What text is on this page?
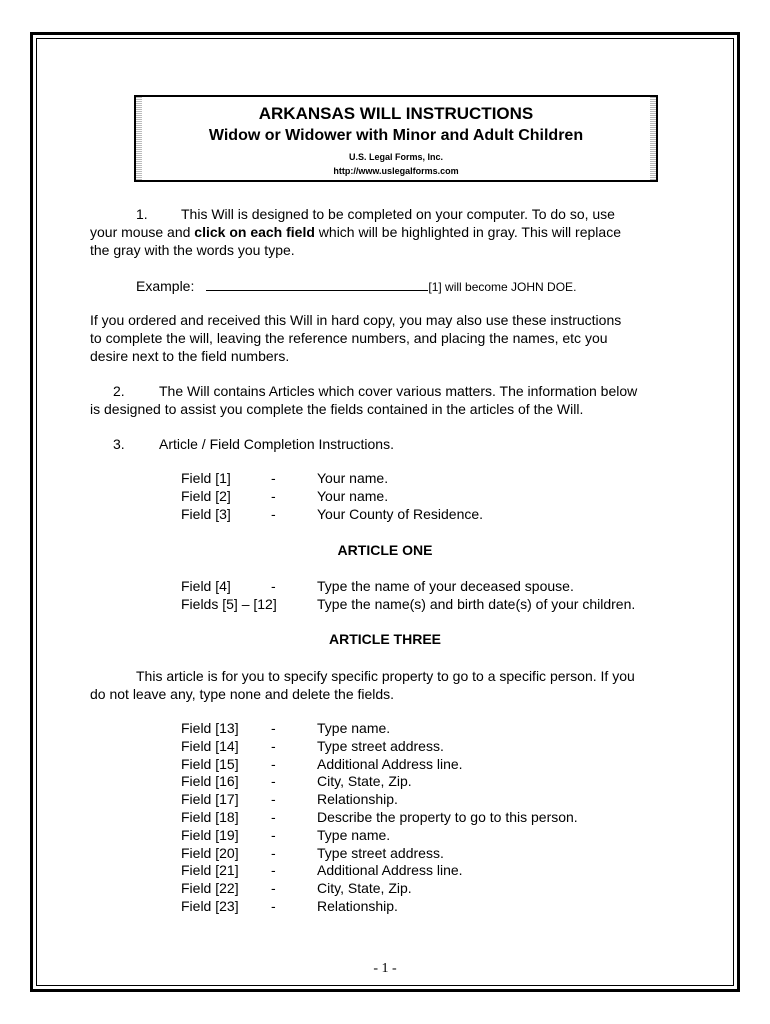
ARKANSAS WILL INSTRUCTIONS
Widow or Widower with Minor and Adult Children
U.S. Legal Forms, Inc.
http://www.uslegalforms.com
1. This Will is designed to be completed on your computer. To do so, use
your mouse and click on each field which will be highlighted in gray. This will replace
the gray with the words you type.
Example:	[1] will become JOHN DOE.
If you ordered and received this Will in hard copy, you may also use these instructions
to complete the will, leaving the reference numbers, and placing the names, etc you
desire next to the field numbers.
2. The Will contains Articles which cover various matters. The information below
is designed to assist you complete the fields contained in the articles of the Will.
3. Article / Field Completion Instructions.
Field [1]	-	Your name.
Field [2]	-	Your name.
Field [3]	-	Your County of Residence.
ARTICLE ONE
Field [4]	-	Type the name of your deceased spouse.
Fields [5] – [12]	Type the name(s) and birth date(s) of your children.
ARTICLE THREE
This article is for you to specify specific property to go to a specific person. If you
do not leave any, type none and delete the fields.
Field [13] -	Type name.
Field [14] -	Type street address.
Field [15] -	Additional Address line.
Field [16] -	City, State, Zip.
Field [17] -	Relationship.
Field [18] -	Describe the property to go to this person.
Field [19] -	Type name.
Field [20] -	Type street address.
Field [21] -	Additional Address line.
Field [22] -	City, State, Zip.
Field [23] -	Relationship.
- 1 -
